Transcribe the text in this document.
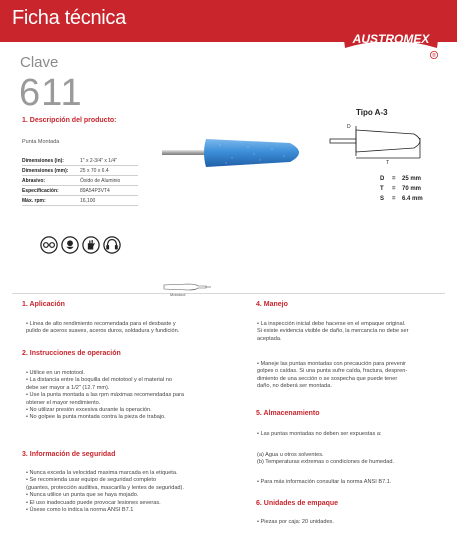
Ficha técnica
AUSTROMEX
®
Clave
611
1. Descripción del producto:
Punta Montada
Dimensiones (in):	1" x 2-3/4" x 1/4"
Dimensiones (mm): 25 x 70 x 6.4
Abrasivo:	Óxido de Aluminio
Especificación:	89A54P3VT4
Máx. rpm:	16,100
Tipo A-3
D
T
D = 25 mm
T = 70 mm
S = 6.4 mm
Mototool
1. Aplicación
• Línea de alto rendimiento recomendada para el desbaste y
pulido de aceros suaves, aceros duros, soldadura y fundición.
2. Instrucciones de operación
• Utilice en un mototool.
• La distancia entre la boquilla del mototool y el material no
debe ser mayor a 1/2" (12.7 mm).
• Use la punta montada a las rpm máximas recomendadas para
obtener el mayor rendimiento.
• No utilizar presión excesiva durante la operación.
• No golpee la punta montada contra la pieza de trabajo.
3. Información de seguridad
• Nunca exceda la velocidad maxima marcada en la etiqueta.
• Se recomienda usar equipo de seguridad completo
(guantes, protección auditiva, mascarilla y lentes de seguridad).
• Nunca utilice un punta que se haya mojado.
• El uso inadecuado puede provocar lesiones severas.
• Úsese como lo indica la norma ANSI B7.1
4. Manejo
• La inspección inicial debe hacerse en el empaque original.
Si existe evidencia visible de daño, la mercancía no debe ser
aceptada.
• Maneje las puntas montadas con precaución para prevenir
golpes o caídas. Si una punta sufre caída, fractura, despren-
dimiento de una sección o se sospecha que puede tener
daño, no deberá ser montada.
5. Almacenamiento
• Las puntas montadas no deben ser expuestas a:
(a) Agua u otros solventes.
(b) Temperaturas extremas o condiciones de humedad.
• Para más información consultar la norma ANSI B7.1.
6. Unidades de empaque
• Piezas por caja: 20 unidades.
